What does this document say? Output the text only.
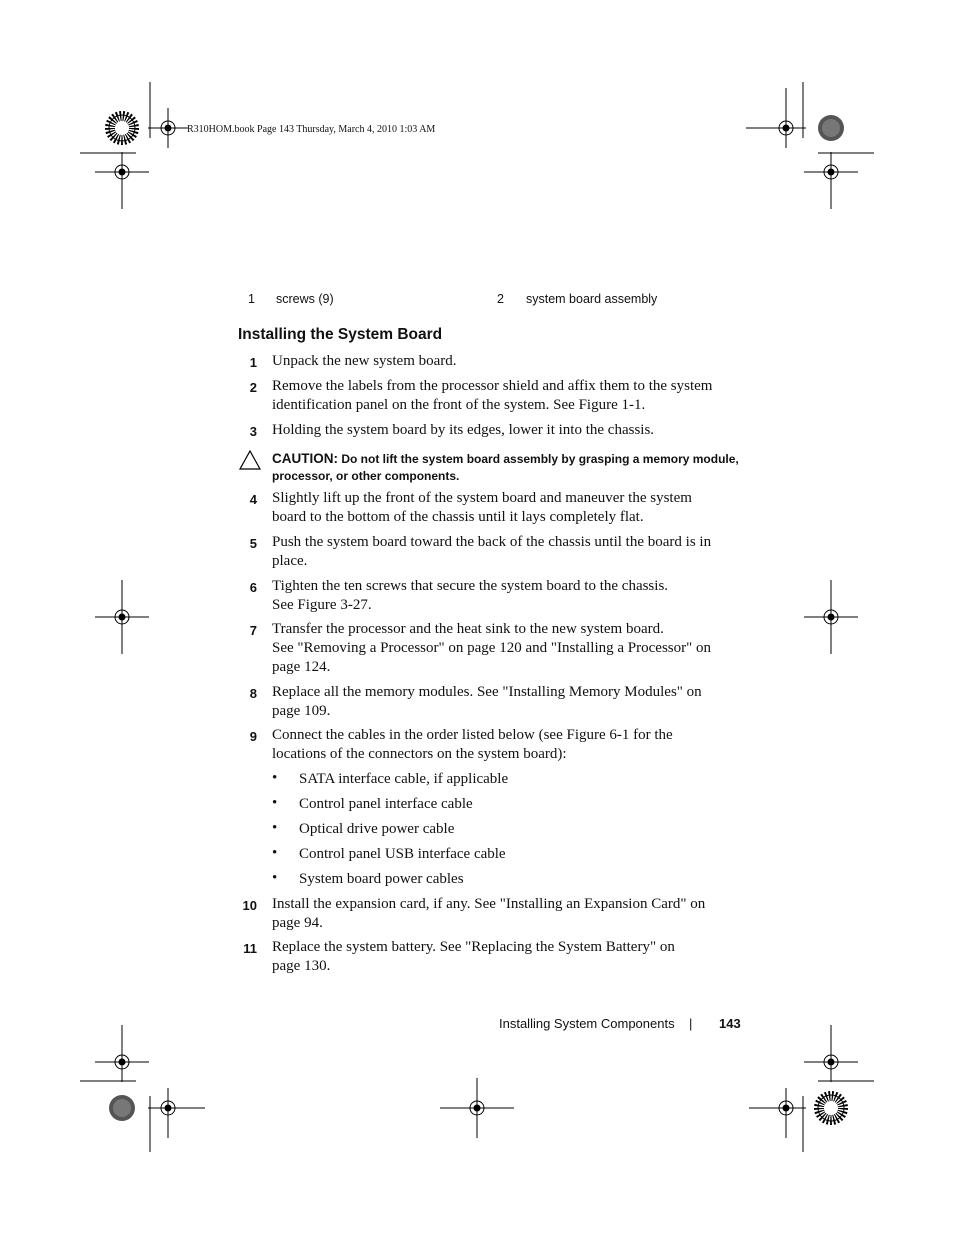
R310HOM.book Page 143 Thursday, March 4, 2010 1:03 AM
1 screws (9)	2 system board assembly
Installing the System Board
1 Unpack the new system board.
2 Remove the labels from the processor shield and affix them to the system
identification panel on the front of the system. See Figure 1-1.
3 Holding the system board by its edges, lower it into the chassis.
CAUTION: Do not lift the system board assembly by grasping a memory module,
processor, or other components.
4 Slightly lift up the front of the system board and maneuver the system
board to the bottom of the chassis until it lays completely flat.
5 Push the system board toward the back of the chassis until the board is in
place.
6 Tighten the ten screws that secure the system board to the chassis.
See Figure 3-27.
7 Transfer the processor and the heat sink to the new system board.
See "Removing a Processor" on page 120 and "Installing a Processor" on
page 124.
8 Replace all the memory modules. See "Installing Memory Modules" on
page 109.
9 Connect the cables in the order listed below (see Figure 6-1 for the
locations of the connectors on the system board):
• SATA interface cable, if applicable
• Control panel interface cable
• Optical drive power cable
• Control panel USB interface cable
• System board power cables
10 Install the expansion card, if any. See "Installing an Expansion Card" on
page 94.
11 Replace the system battery. See "Replacing the System Battery" on
page 130.
Installing System Components | 143
